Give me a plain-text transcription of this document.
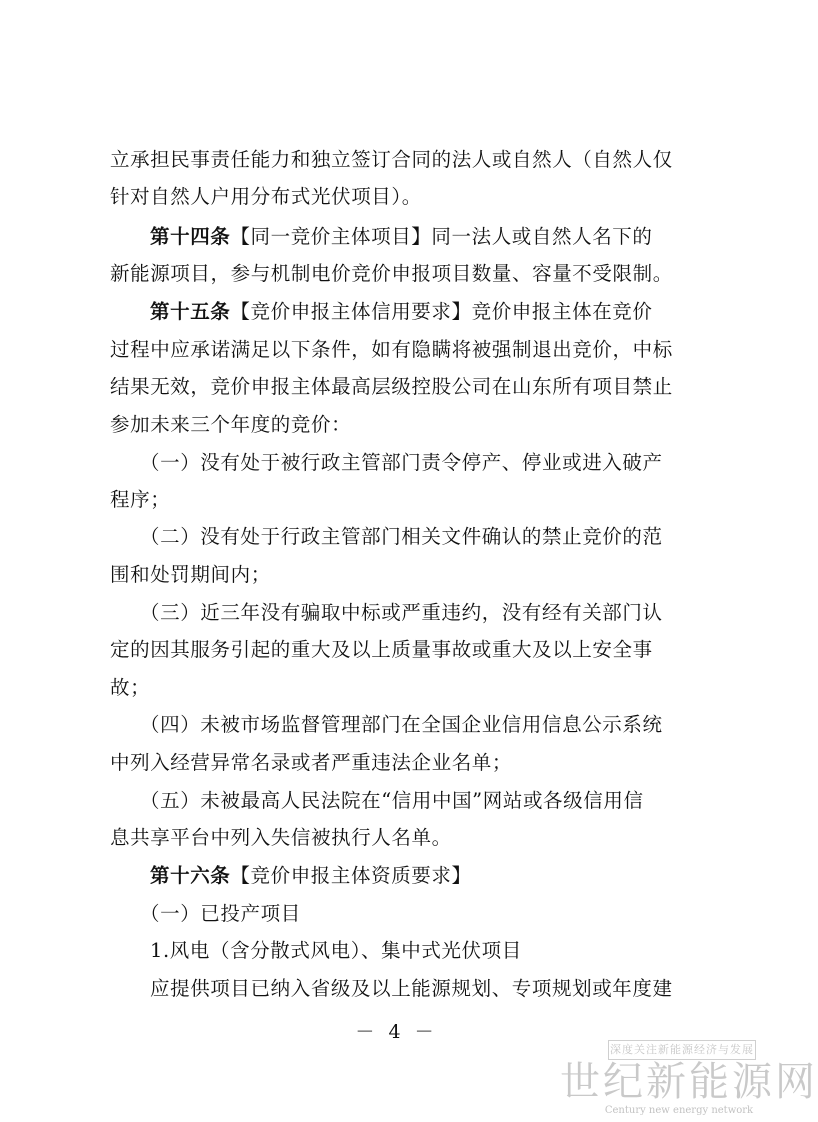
立承担民事责任能力和独立签订合同的法人或自然人（自然人仅
针对自然人户用分布式光伏项目）。
第十四条【同一竞价主体项目】同一法人或自然人名下的
新能源项目，参与机制电价竞价申报项目数量、容量不受限制。
第十五条【竞价申报主体信用要求】竞价申报主体在竞价
过程中应承诺满足以下条件，如有隐瞒将被强制退出竞价，中标
结果无效，竞价申报主体最高层级控股公司在山东所有项目禁止
参加未来三个年度的竞价：
（一）没有处于被行政主管部门责令停产、停业或进入破产
程序；
（二）没有处于行政主管部门相关文件确认的禁止竞价的范
围和处罚期间内；
（三）近三年没有骗取中标或严重违约，没有经有关部门认
定的因其服务引起的重大及以上质量事故或重大及以上安全事
故；
（四）未被市场监督管理部门在全国企业信用信息公示系统
中列入经营异常名录或者严重违法企业名单；
（五）未被最高人民法院在“信用中国”网站或各级信用信
息共享平台中列入失信被执行人名单。
第十六条【竞价申报主体资质要求】
（一）已投产项目
1.风电（含分散式风电）、集中式光伏项目
应提供项目已纳入省级及以上能源规划、专项规划或年度建
－ 4 －
深度关注新能源经济与发展
世纪新能源网
Century new energy network
